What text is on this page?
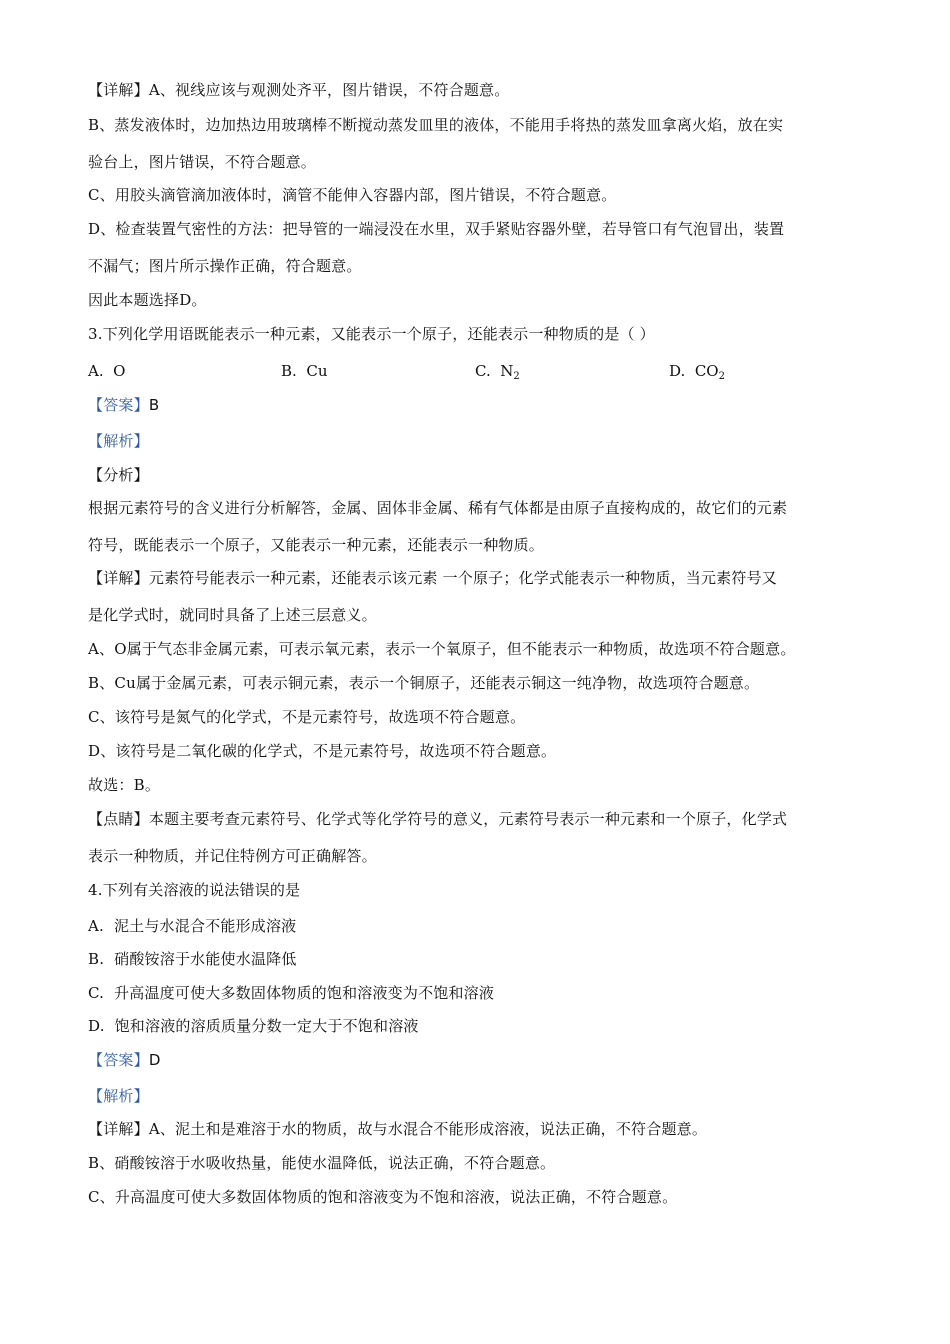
【详解】A、视线应该与观测处齐平，图片错误，不符合题意。
B、蒸发液体时，边加热边用玻璃棒不断搅动蒸发皿里的液体，不能用手将热的蒸发皿拿离火焰，放在实
验台上，图片错误，不符合题意。
C、用胶头滴管滴加液体时，滴管不能伸入容器内部，图片错误，不符合题意。
D、检查装置气密性的方法：把导管的一端浸没在水里，双手紧贴容器外壁，若导管口有气泡冒出，装置
不漏气；图片所示操作正确，符合题意。
因此本题选择D。
3.下列化学用语既能表示一种元素，又能表示一个原子，还能表示一种物质的是（ ）
A. O	B. Cu	C. $N_2$	D. $CO_2$
【答案】B
【解析】
【分析】
根据元素符号的含义进行分析解答，金属、固体非金属、稀有气体都是由原子直接构成的，故它们的元素
符号，既能表示一个原子，又能表示一种元素，还能表示一种物质。
【详解】元素符号能表示一种元素，还能表示该元素 一个原子；化学式能表示一种物质，当元素符号又
是化学式时，就同时具备了上述三层意义。
A、O属于气态非金属元素，可表示氧元素，表示一个氧原子，但不能表示一种物质，故选项不符合题意。
B、Cu属于金属元素，可表示铜元素，表示一个铜原子，还能表示铜这一纯净物，故选项符合题意。
C、该符号是氮气的化学式，不是元素符号，故选项不符合题意。
D、该符号是二氧化碳的化学式，不是元素符号，故选项不符合题意。
故选：B。
【点睛】本题主要考查元素符号、化学式等化学符号的意义，元素符号表示一种元素和一个原子，化学式
表示一种物质，并记住特例方可正确解答。
4.下列有关溶液的说法错误的是
A. 泥土与水混合不能形成溶液
B. 硝酸铵溶于水能使水温降低
C. 升高温度可使大多数固体物质的饱和溶液变为不饱和溶液
D. 饱和溶液的溶质质量分数一定大于不饱和溶液
【答案】D
【解析】
【详解】A、泥土和是难溶于水的物质，故与水混合不能形成溶液，说法正确，不符合题意。
B、硝酸铵溶于水吸收热量，能使水温降低，说法正确，不符合题意。
C、升高温度可使大多数固体物质的饱和溶液变为不饱和溶液，说法正确，不符合题意。
